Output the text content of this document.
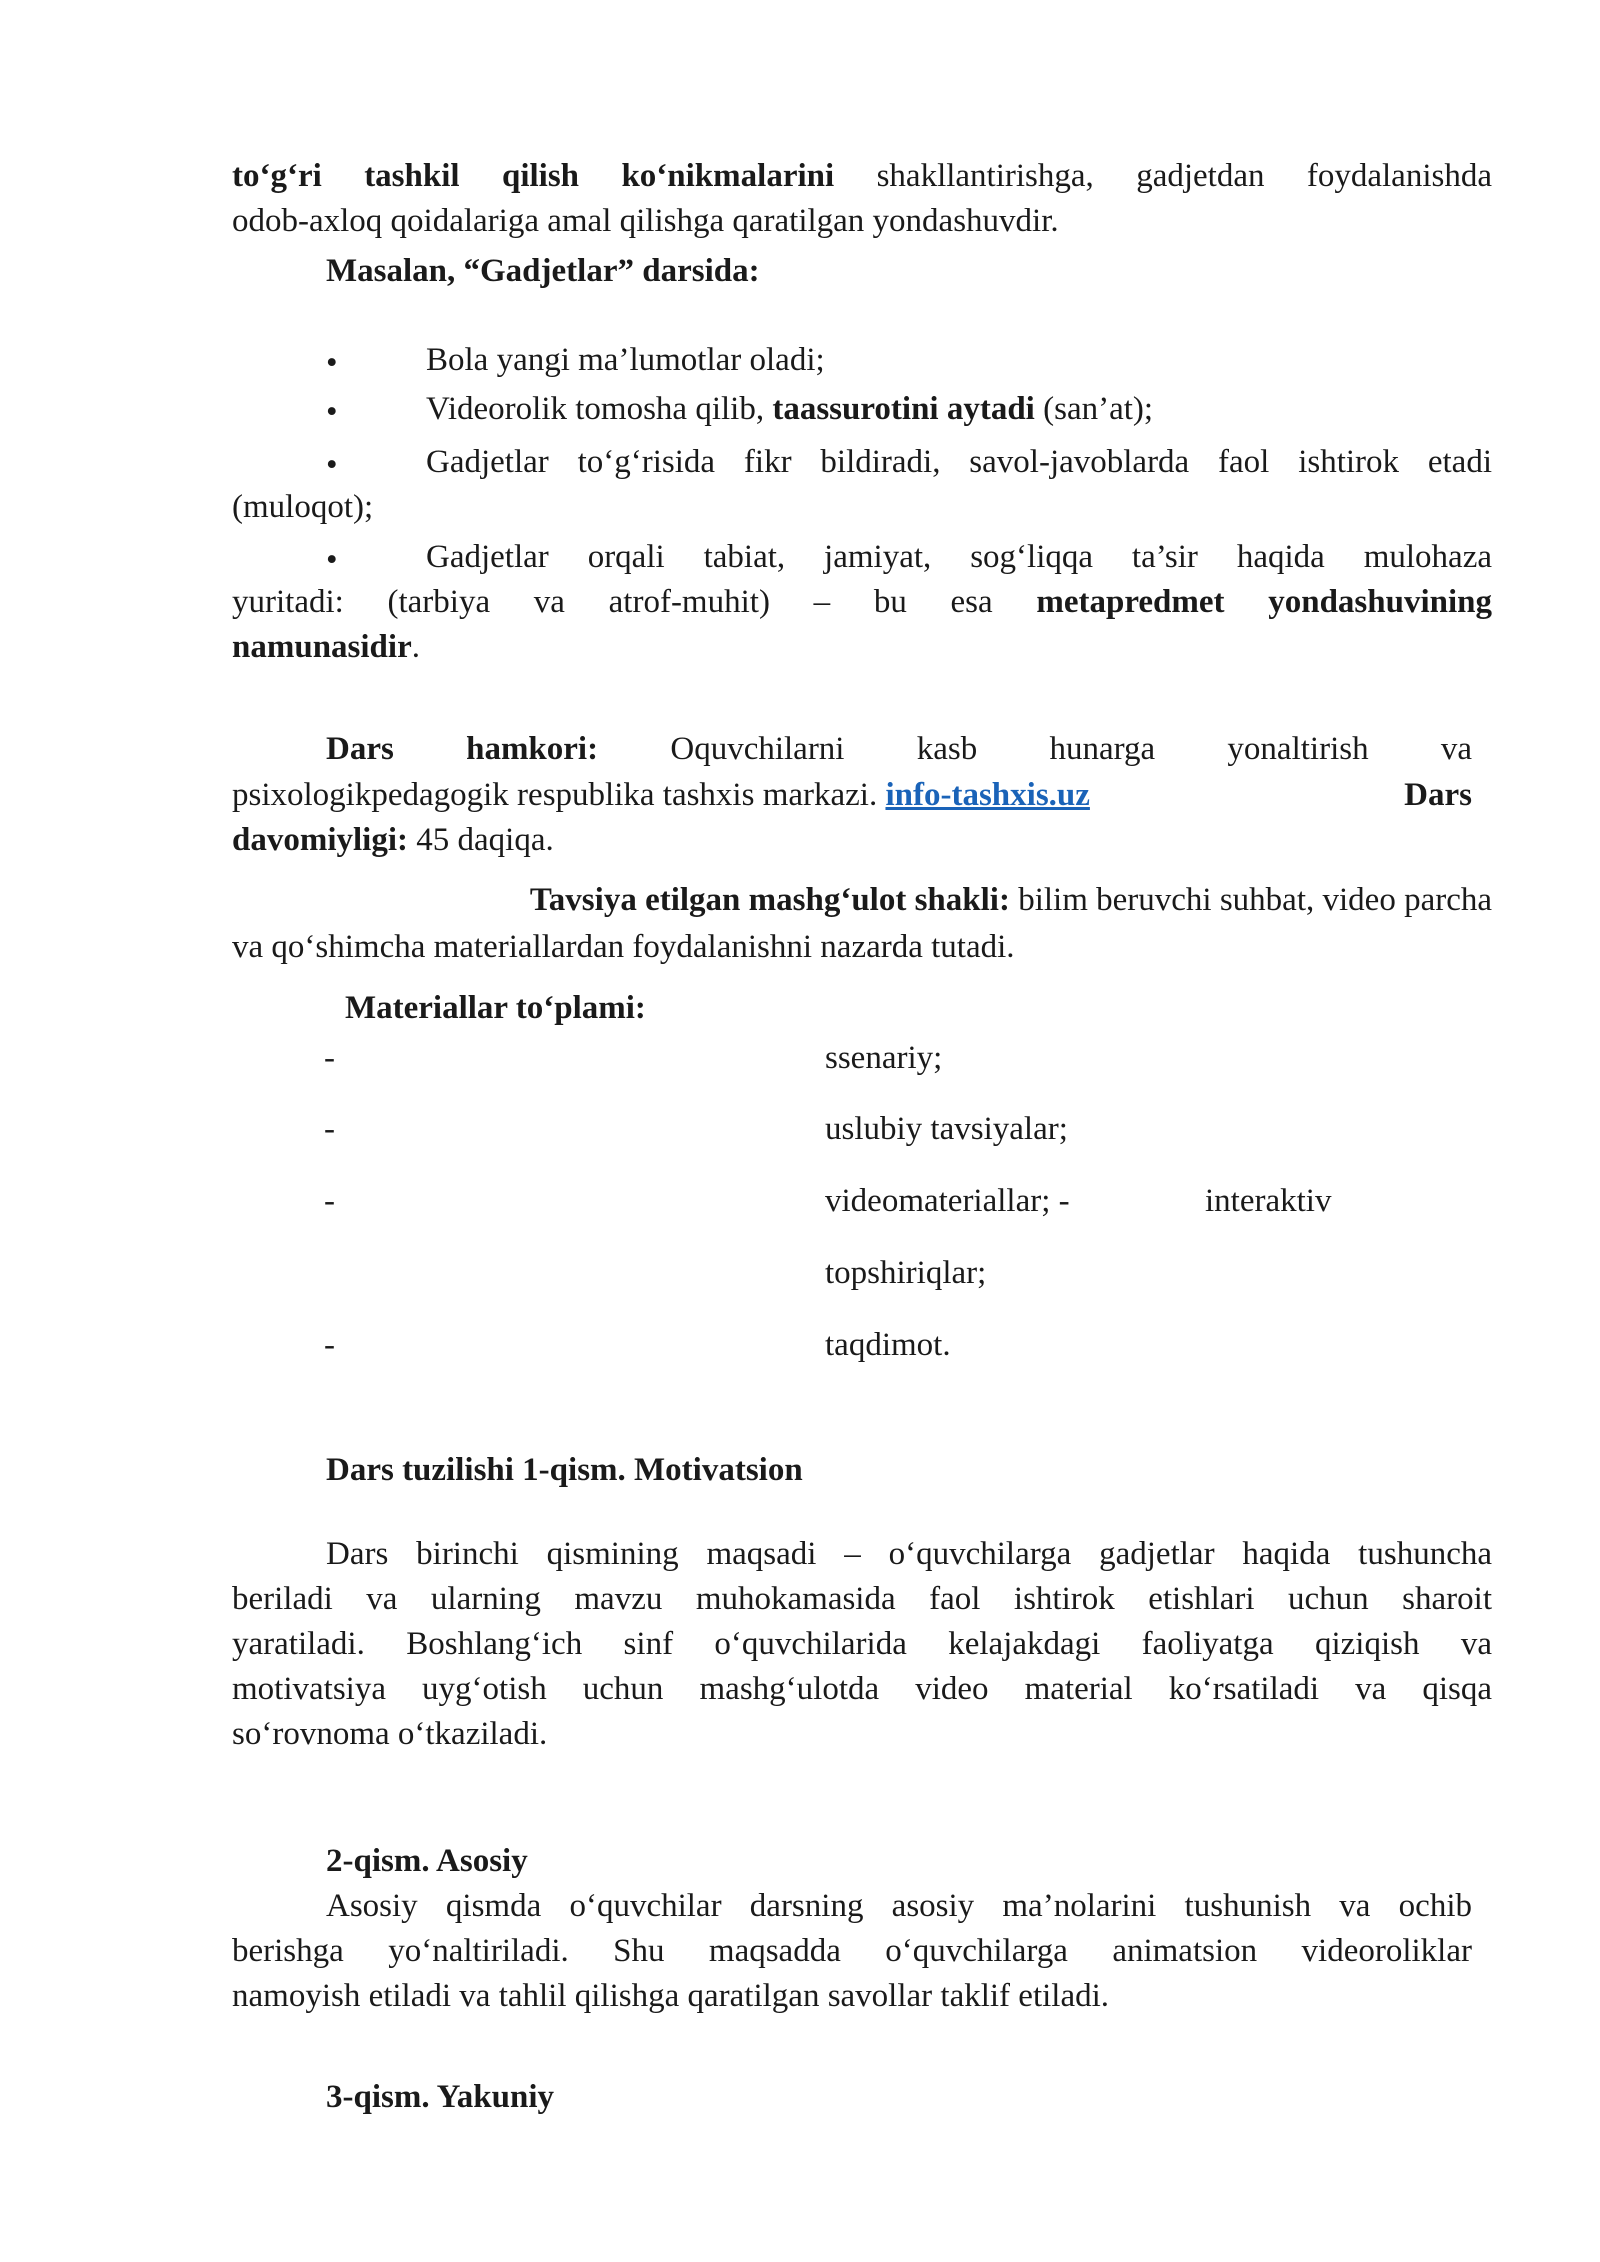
to‘g‘ri tashkil qilish ko‘nikmalarini shakllantirishga, gadjetdan foydalanishda

odob-axloq qoidalariga amal qilishga qaratilgan yondashuvdir.

Masalan, “Gadjetlar” darsida:

•	Bola yangi ma’lumotlar oladi;

•	Videorolik tomosha qilib, taassurotini aytadi (san’at);

•	Gadjetlar to‘g‘risida fikr bildiradi, savol-javoblarda faol ishtirok etadi

(muloqot);

•	Gadjetlar orqali tabiat, jamiyat, sog‘liqqa ta’sir haqida mulohaza

yuritadi: (tarbiya va atrof-muhit) – bu esa metapredmet yondashuvining

namunasidir.

Dars hamkori: Oquvchilarni kasb hunarga yonaltirish va

psixologikpedagogik respublika tashxis markazi. info-tashxis.uz	Dars

davomiyligi: 45 daqiqa.

Tavsiya etilgan mashg‘ulot shakli: bilim beruvchi suhbat, video parcha

va qo‘shimcha materiallardan foydalanishni nazarda tutadi.

Materiallar to‘plami:

-	ssenariy;
-	uslubiy tavsiyalar;
-	videomateriallar; -	interaktiv
topshiriqlar;
-	taqdimot.

Dars tuzilishi 1-qism. Motivatsion

Dars birinchi qismining maqsadi – o‘quvchilarga gadjetlar haqida tushuncha

beriladi va ularning mavzu muhokamasida faol ishtirok etishlari uchun sharoit

yaratiladi. Boshlang‘ich sinf o‘quvchilarida kelajakdagi faoliyatga qiziqish va

motivatsiya uyg‘otish uchun mashg‘ulotda video material ko‘rsatiladi va qisqa

so‘rovnoma o‘tkaziladi.

2-qism. Asosiy

Asosiy qismda o‘quvchilar darsning asosiy ma’nolarini tushunish va ochib

berishga yo‘naltiriladi. Shu maqsadda o‘quvchilarga animatsion videoroliklar

namoyish etiladi va tahlil qilishga qaratilgan savollar taklif etiladi.

3-qism. Yakuniy
